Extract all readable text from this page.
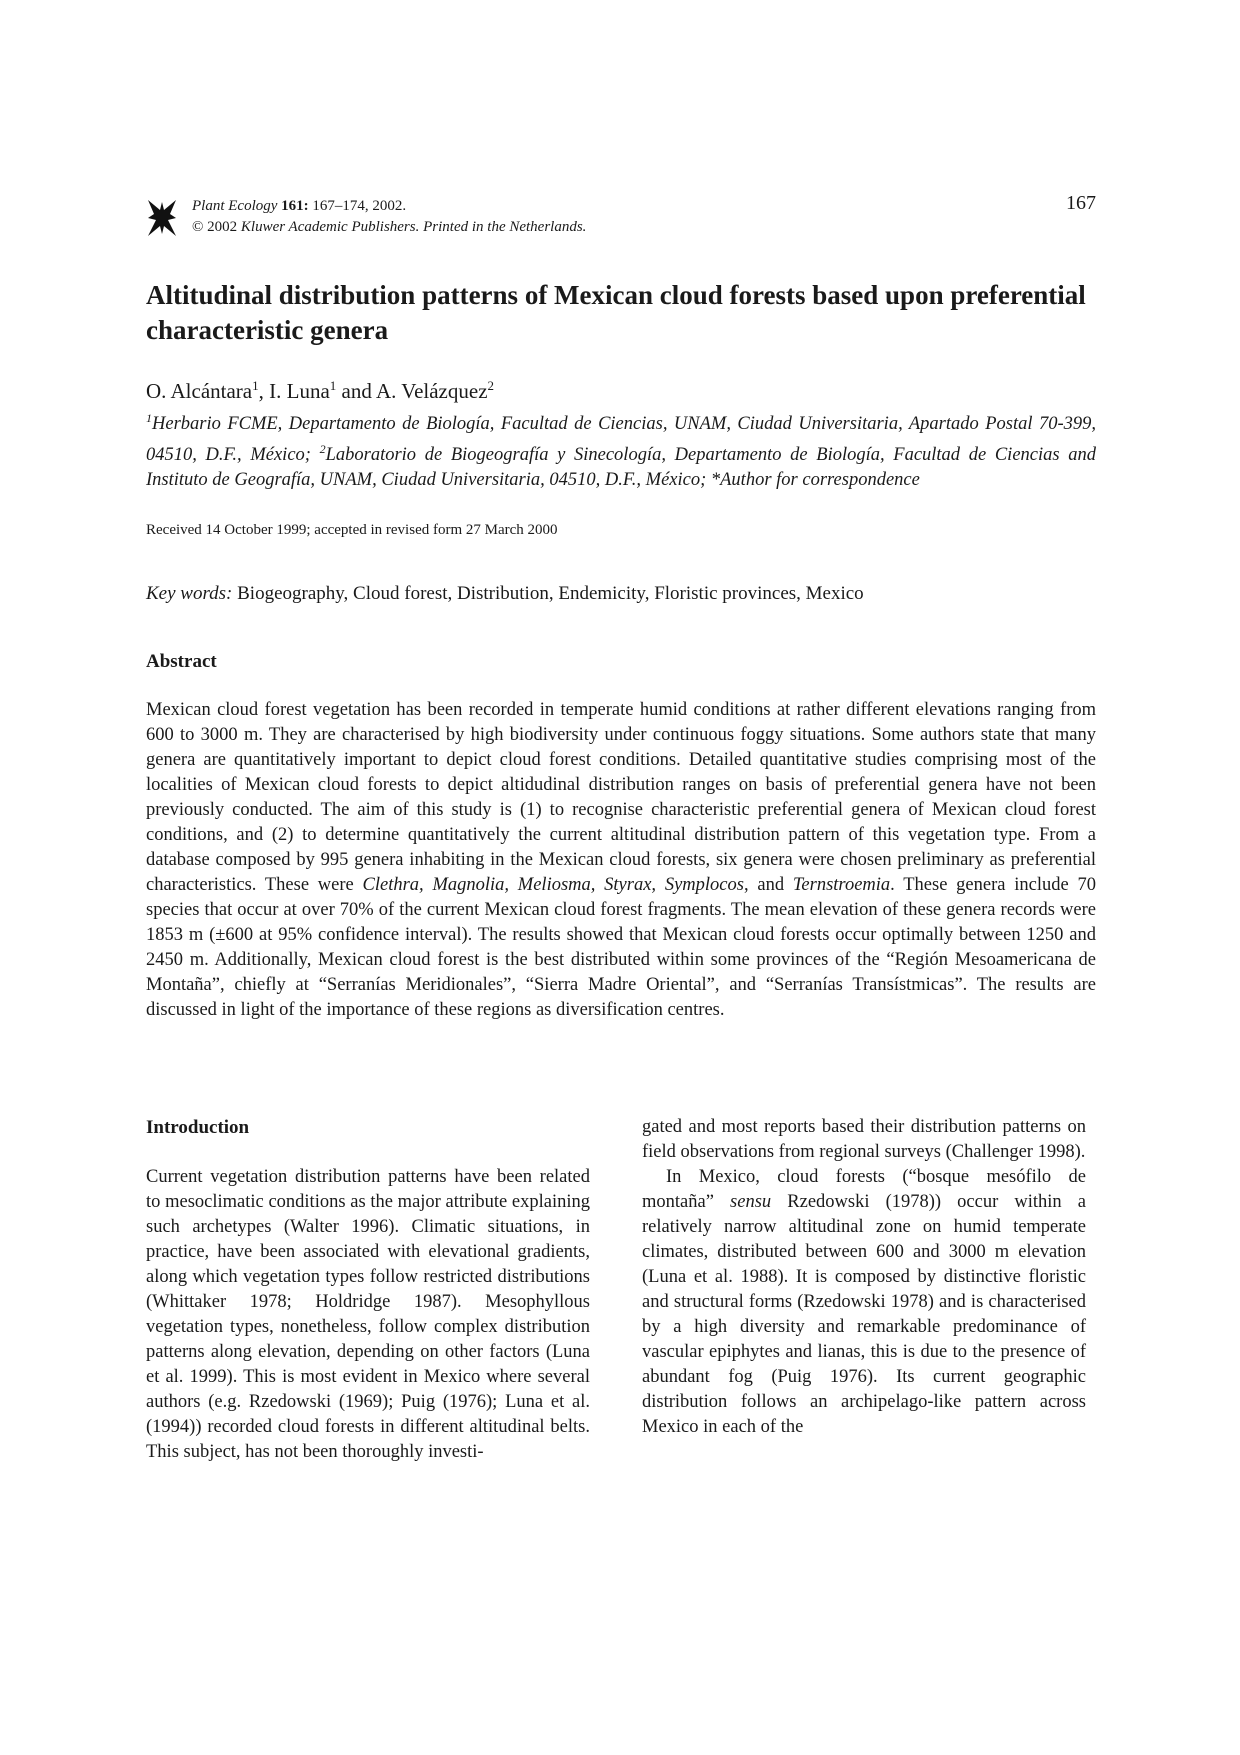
Plant Ecology 161: 167–174, 2002.
© 2002 Kluwer Academic Publishers. Printed in the Netherlands.
167
Altitudinal distribution patterns of Mexican cloud forests based upon preferential characteristic genera
O. Alcántara$^1$, I. Luna$^1$ and A. Velázquez$^2$

$^1$Herbario FCME, Departamento de Biología, Facultad de Ciencias, UNAM, Ciudad Universitaria, Apartado Postal 70-399, 04510, D.F., México; $^2$Laboratorio de Biogeografía y Sinecología, Departamento de Biología, Facultad de Ciencias and Instituto de Geografía, UNAM, Ciudad Universitaria, 04510, D.F., México; *Author for correspondence

Received 14 October 1999; accepted in revised form 27 March 2000
Key words: Biogeography, Cloud forest, Distribution, Endemicity, Floristic provinces, Mexico
Abstract

Mexican cloud forest vegetation has been recorded in temperate humid conditions at rather different elevations ranging from 600 to 3000 m. They are characterised by high biodiversity under continuous foggy situations. Some authors state that many genera are quantitatively important to depict cloud forest conditions. Detailed quantitative studies comprising most of the localities of Mexican cloud forests to depict altidudinal distribution ranges on basis of preferential genera have not been previously conducted. The aim of this study is (1) to recognise characteristic preferential genera of Mexican cloud forest conditions, and (2) to determine quantitatively the current altitudinal distribution pattern of this vegetation type. From a database composed by 995 genera inhabiting in the Mexican cloud forests, six genera were chosen preliminary as preferential characteristics. These were Clethra, Magnolia, Meliosma, Styrax, Symplocos, and Ternstroemia. These genera include 70 species that occur at over 70% of the current Mexican cloud forest fragments. The mean elevation of these genera records were 1853 m (±600 at 95% confidence interval). The results showed that Mexican cloud forests occur optimally between 1250 and 2450 m. Additionally, Mexican cloud forest is the best distributed within some provinces of the “Región Mesoamericana de Montaña”, chiefly at “Serranías Meridionales”, “Sierra Madre Oriental”, and “Serranías Transístmicas”. The results are discussed in light of the importance of these regions as diversification centres.

Introduction

Current vegetation distribution patterns have been related to mesoclimatic conditions as the major attribute explaining such archetypes (Walter 1996). Climatic situations, in practice, have been associated with elevational gradients, along which vegetation types follow restricted distributions (Whittaker 1978; Holdridge 1987). Mesophyllous vegetation types, nonetheless, follow complex distribution patterns along elevation, depending on other factors (Luna et al. 1999). This is most evident in Mexico where several authors (e.g. Rzedowski (1969); Puig (1976); Luna et al. (1994)) recorded cloud forests in different altitudinal belts. This subject, has not been thoroughly investi-

gated and most reports based their distribution patterns on field observations from regional surveys (Challenger 1998).

In Mexico, cloud forests (“bosque mesófilo de montaña” sensu Rzedowski (1978)) occur within a relatively narrow altitudinal zone on humid temperate climates, distributed between 600 and 3000 m elevation (Luna et al. 1988). It is composed by distinctive floristic and structural forms (Rzedowski 1978) and is characterised by a high diversity and remarkable predominance of vascular epiphytes and lianas, this is due to the presence of abundant fog (Puig 1976). Its current geographic distribution follows an archipelago-like pattern across Mexico in each of the
